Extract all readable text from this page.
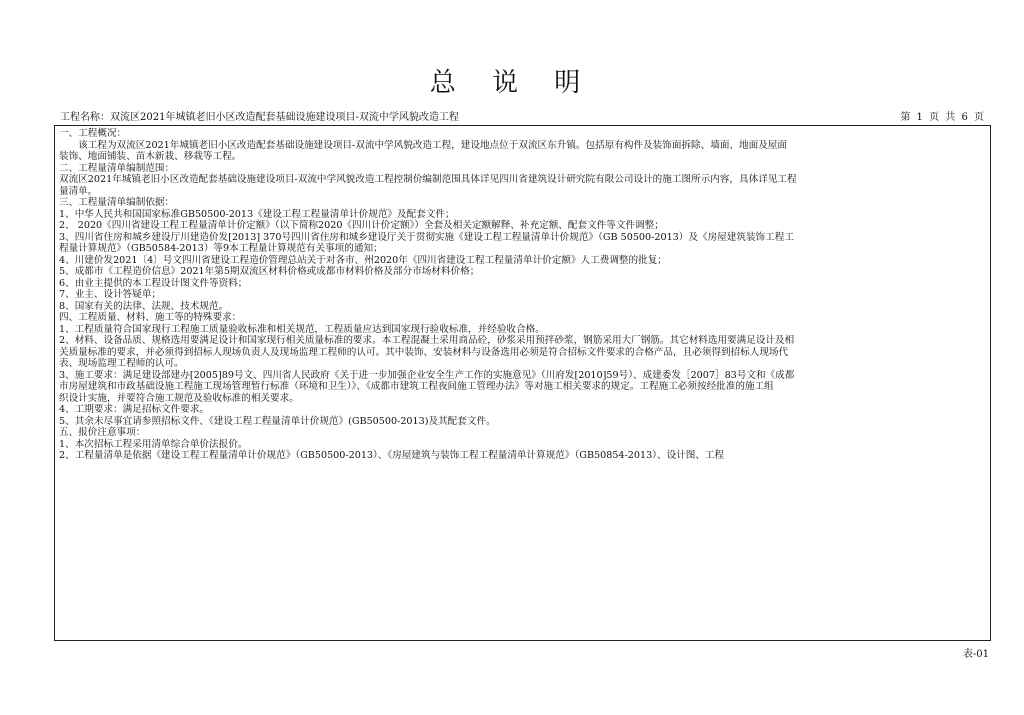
总 说 明
工程名称：双流区2021年城镇老旧小区改造配套基础设施建设项目-双流中学风貌改造工程	第 1 页 共 6 页
一、工程概况：
　　该工程为双流区2021年城镇老旧小区改造配套基础设施建设项目-双流中学风貌改造工程，建设地点位于双流区东升镇。包括原有构件及装饰面拆除、墙面、地面及屋面
装饰、地面铺装、苗木新栽、移栽等工程。
二、工程量清单编制范围：
双流区2021年城镇老旧小区改造配套基础设施建设项目-双流中学风貌改造工程控制价编制范围具体详见四川省建筑设计研究院有限公司设计的施工图所示内容，具体详见工程
量清单。
三、工程量清单编制依据：
1、中华人民共和国国家标准GB50500-2013《建设工程工程量清单计价规范》及配套文件；
2、 2020《四川省建设工程工程量清单计价定额》（以下简称2020《四川计价定额》）全套及相关定额解释、补充定额、配套文件等文件调整；
3、四川省住房和城乡建设厅川建造价发[2013] 370号四川省住房和城乡建设厅关于贯彻实施《建设工程工程量清单计价规范》（GB 50500-2013）及《房屋建筑装饰工程工
程量计算规范》（GB50584-2013）等9本工程量计算规范有关事项的通知；
4、川建价发2021〔4〕号文四川省建设工程造价管理总站关于对各市、州2020年《四川省建设工程工程量清单计价定额》人工费调整的批复；
5、成都市《工程造价信息》2021年第5期双流区材料价格或成都市材料价格及部分市场材料价格；
6、由业主提供的本工程设计图文件等资料；
7、业主、设计答疑单；
8、国家有关的法律、法规、技术规范。
四、工程质量、材料、施工等的特殊要求：
1、工程质量符合国家现行工程施工质量验收标准和相关规范，工程质量应达到国家现行验收标准，并经验收合格。
2、材料、设备品质、规格选用要满足设计和国家现行相关质量标准的要求。本工程混凝土采用商品砼，砂浆采用预拌砂浆，钢筋采用大厂钢筋。其它材料选用要满足设计及相
关质量标准的要求，并必须得到招标人现场负责人及现场监理工程师的认可。其中装饰、安装材料与设备选用必须是符合招标文件要求的合格产品，且必须得到招标人现场代
表、现场监理工程师的认可。
3、施工要求：满足建设部建办[2005]89号文、四川省人民政府《关于进一步加强企业安全生产工作的实施意见》（川府发[2010]59号）、成建委发［2007］83号文和《成都
市房屋建筑和市政基础设施工程施工现场管理暂行标准（环境和卫生）》、《成都市建筑工程夜间施工管理办法》等对施工相关要求的规定。工程施工必须按经批准的施工组
织设计实施，并要符合施工规范及验收标准的相关要求。
4、工期要求：满足招标文件要求。
5、其余未尽事宜请参照招标文件、《建设工程工程量清单计价规范》(GB50500-2013)及其配套文件。
五、报价注意事项：
1、本次招标工程采用清单综合单价法报价。
2、工程量清单是依据《建设工程工程量清单计价规范》（GB50500-2013）、《房屋建筑与装饰工程工程量清单计算规范》（GB50854-2013）、设计图、工程
表-01
